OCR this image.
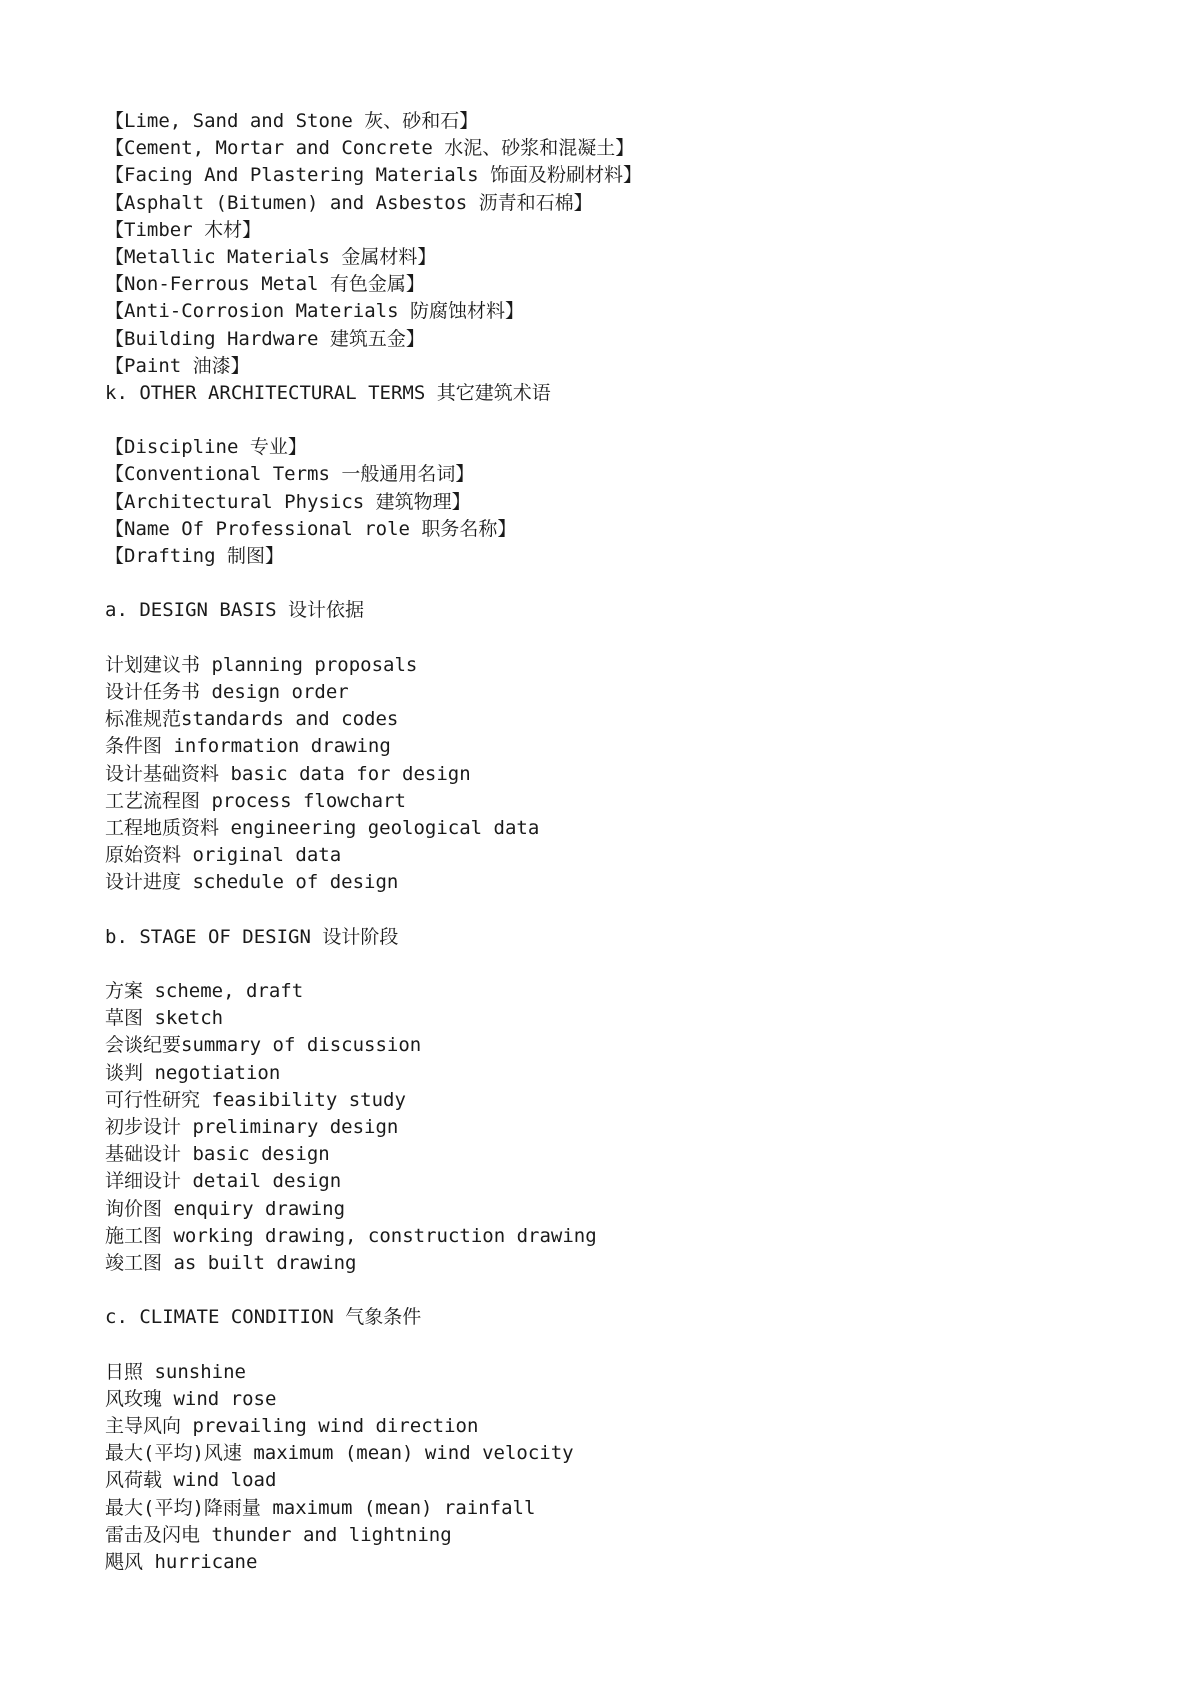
【Lime, Sand and Stone 灰、砂和石】
【Cement, Mortar and Concrete 水泥、砂浆和混凝土】
【Facing And Plastering Materials 饰面及粉刷材料】
【Asphalt (Bitumen) and Asbestos 沥青和石棉】
【Timber 木材】
【Metallic Materials 金属材料】
【Non-Ferrous Metal 有色金属】
【Anti-Corrosion Materials 防腐蚀材料】
【Building Hardware 建筑五金】
【Paint 油漆】
k. OTHER ARCHITECTURAL TERMS 其它建筑术语
【Discipline 专业】
【Conventional Terms 一般通用名词】
【Architectural Physics 建筑物理】
【Name Of Professional role 职务名称】
【Drafting 制图】
a. DESIGN BASIS 设计依据
计划建议书 planning proposals
设计任务书 design order
标准规范standards and codes
条件图 information drawing
设计基础资料 basic data for design
工艺流程图 process flowchart
工程地质资料 engineering geological data
原始资料 original data
设计进度 schedule of design
b. STAGE OF DESIGN 设计阶段
方案 scheme, draft
草图 sketch
会谈纪要summary of discussion
谈判 negotiation
可行性研究 feasibility study
初步设计 preliminary design
基础设计 basic design
详细设计 detail design
询价图 enquiry drawing
施工图 working drawing, construction drawing
竣工图 as built drawing
c. CLIMATE CONDITION 气象条件
日照 sunshine
风玫瑰 wind rose
主导风向 prevailing wind direction
最大(平均)风速 maximum (mean) wind velocity
风荷载 wind load
最大(平均)降雨量 maximum (mean) rainfall
雷击及闪电 thunder and lightning
飓风 hurricane
